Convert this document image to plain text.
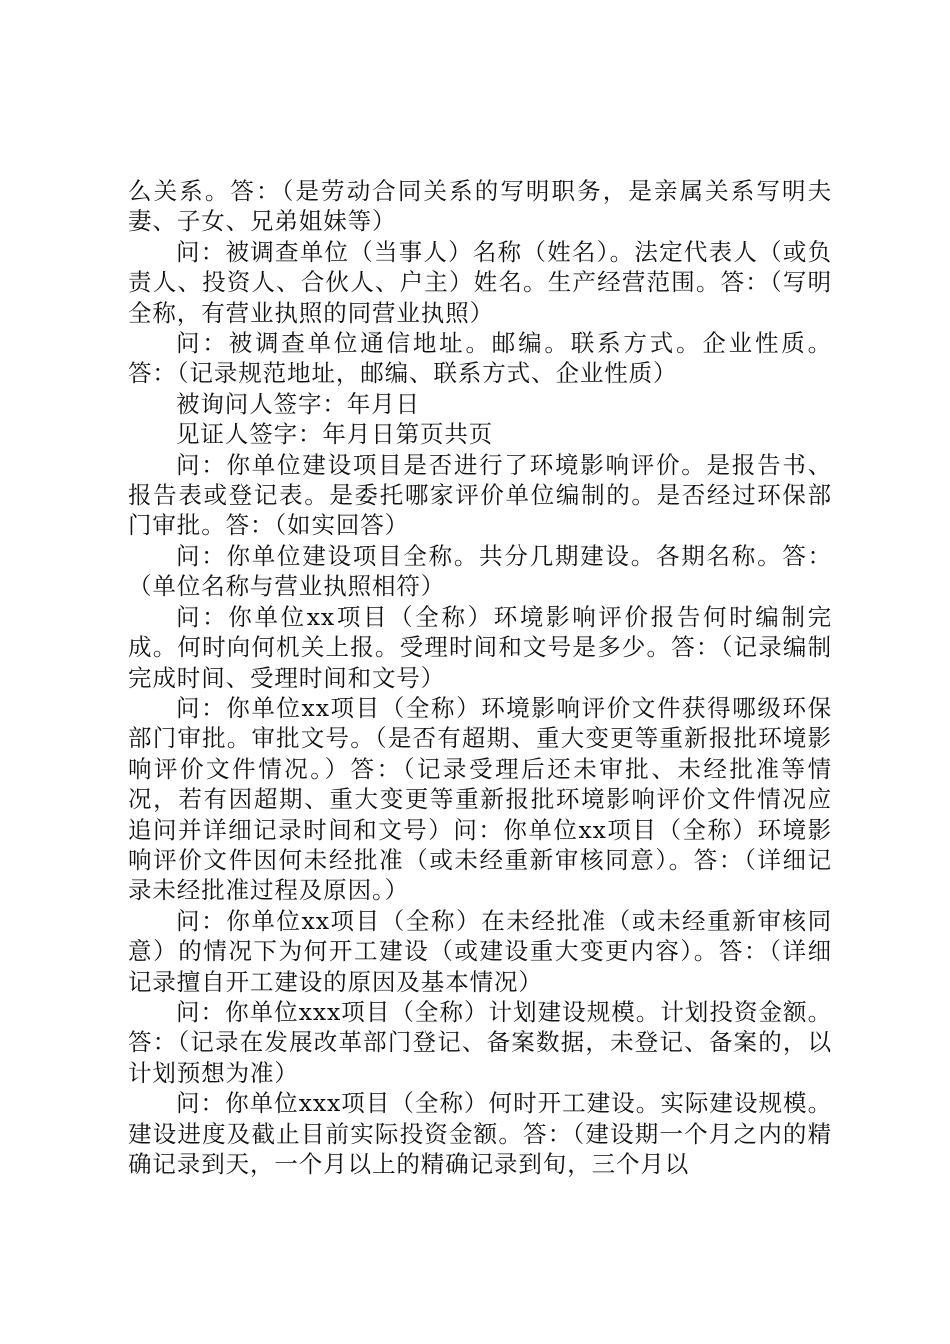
么关系。答：（是劳动合同关系的写明职务，是亲属关系写明夫妻、子女、兄弟姐妹等）

问：被调查单位（当事人）名称（姓名）。法定代表人（或负责人、投资人、合伙人、户主）姓名。生产经营范围。答：（写明全称，有营业执照的同营业执照）

问：被调查单位通信地址。邮编。联系方式。企业性质。答：（记录规范地址，邮编、联系方式、企业性质）

被询问人签字：年月日

见证人签字：年月日第页共页

问：你单位建设项目是否进行了环境影响评价。是报告书、报告表或登记表。是委托哪家评价单位编制的。是否经过环保部门审批。答：（如实回答）

问：你单位建设项目全称。共分几期建设。各期名称。答：（单位名称与营业执照相符）

问：你单位xx项目（全称）环境影响评价报告何时编制完成。何时向何机关上报。受理时间和文号是多少。答：（记录编制完成时间、受理时间和文号）

问：你单位xx项目（全称）环境影响评价文件获得哪级环保部门审批。审批文号。（是否有超期、重大变更等重新报批环境影响评价文件情况。）答：（记录受理后还未审批、未经批准等情况，若有因超期、重大变更等重新报批环境影响评价文件情况应追问并详细记录时间和文号）问：你单位xx项目（全称）环境影响评价文件因何未经批准（或未经重新审核同意）。答：（详细记录未经批准过程及原因。）

问：你单位xx项目（全称）在未经批准（或未经重新审核同意）的情况下为何开工建设（或建设重大变更内容）。答：（详细记录擅自开工建设的原因及基本情况）

问：你单位xxx项目（全称）计划建设规模。计划投资金额。答：（记录在发展改革部门登记、备案数据，未登记、备案的，以计划预想为准）

问：你单位xxx项目（全称）何时开工建设。实际建设规模。建设进度及截止目前实际投资金额。答：（建设期一个月之内的精确记录到天，一个月以上的精确记录到旬，三个月以
